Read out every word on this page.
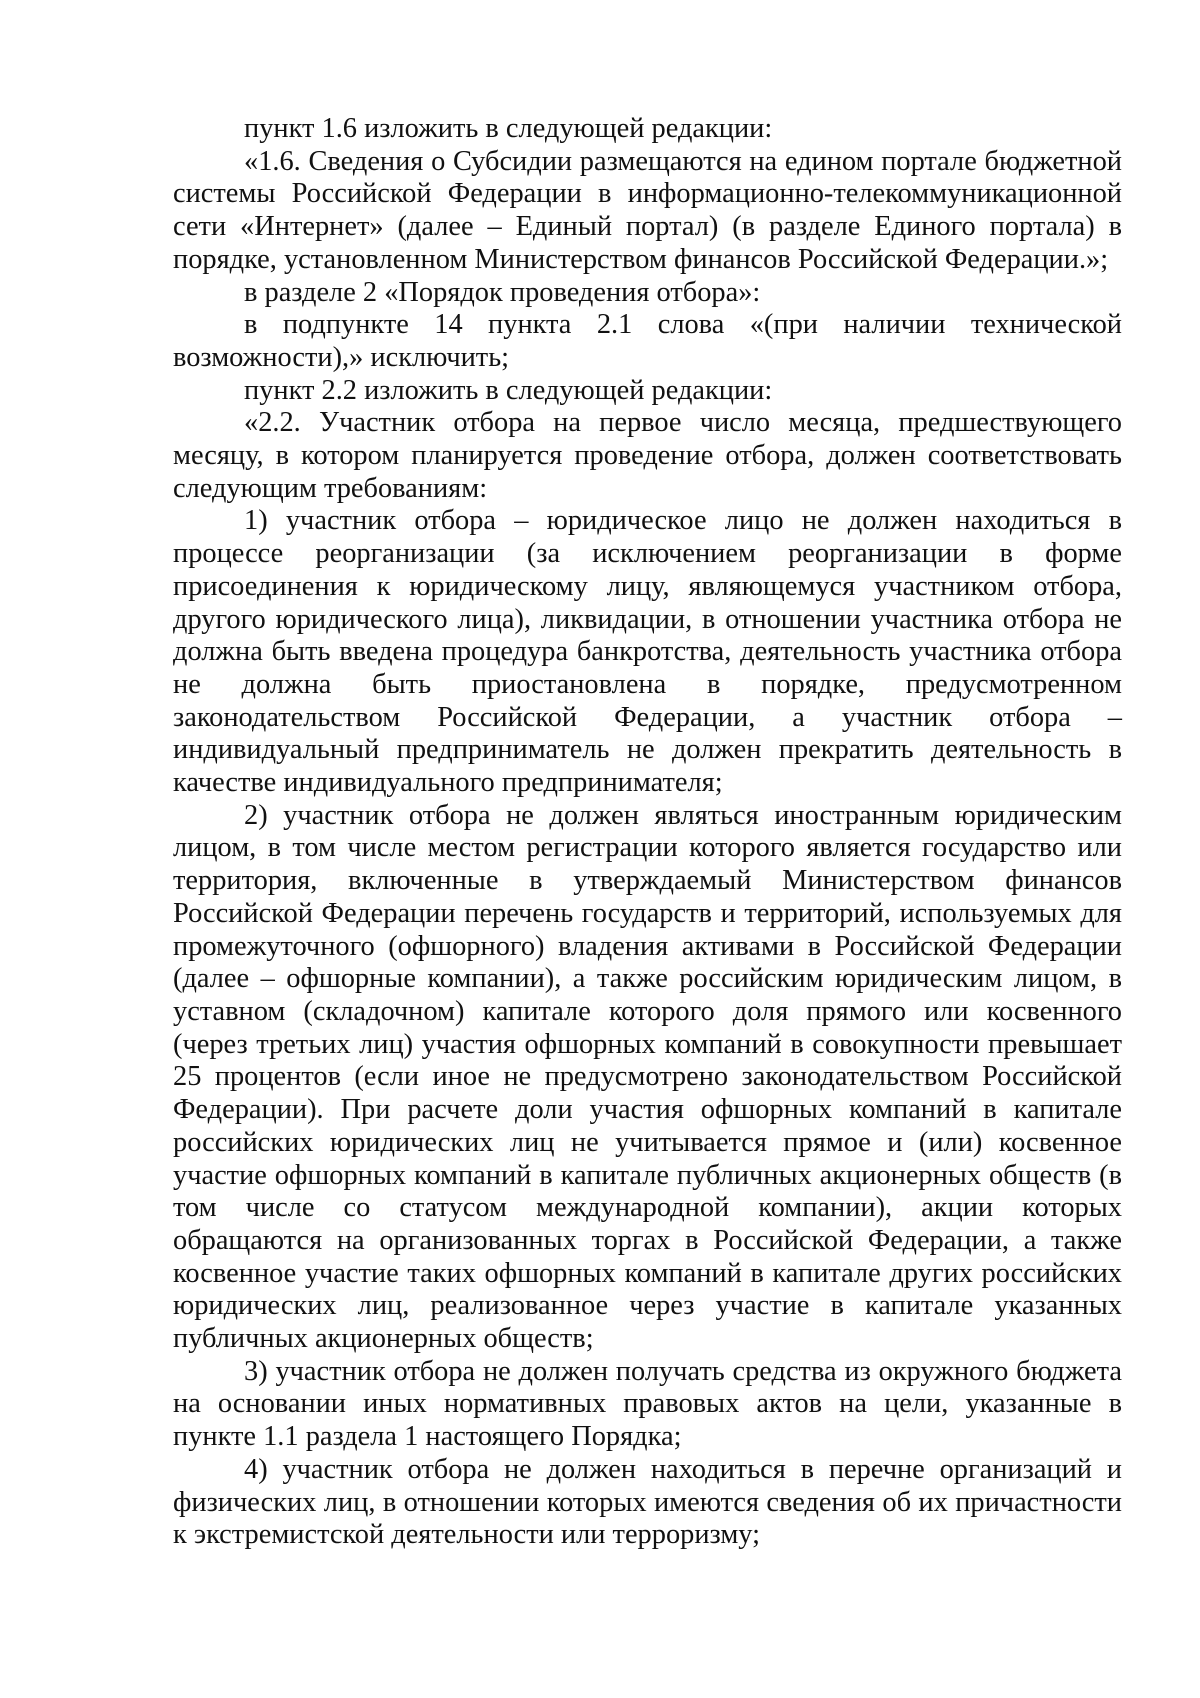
пункт 1.6 изложить в следующей редакции:

«1.6. Сведения о Субсидии размещаются на едином портале бюджетной системы Российской Федерации в информационно-телекоммуникационной сети «Интернет» (далее – Единый портал) (в разделе Единого портала) в порядке, установленном Министерством финансов Российской Федерации.»;

в разделе 2 «Порядок проведения отбора»:

в подпункте 14 пункта 2.1 слова «(при наличии технической возможности),» исключить;

пункт 2.2 изложить в следующей редакции:

«2.2. Участник отбора на первое число месяца, предшествующего месяцу, в котором планируется проведение отбора, должен соответствовать следующим требованиям:

1) участник отбора – юридическое лицо не должен находиться в процессе реорганизации (за исключением реорганизации в форме присоединения к юридическому лицу, являющемуся участником отбора, другого юридического лица), ликвидации, в отношении участника отбора не должна быть введена процедура банкротства, деятельность участника отбора не должна быть приостановлена в порядке, предусмотренном законодательством Российской Федерации, а участник отбора – индивидуальный предприниматель не должен прекратить деятельность в качестве индивидуального предпринимателя;

2) участник отбора не должен являться иностранным юридическим лицом, в том числе местом регистрации которого является государство или территория, включенные в утверждаемый Министерством финансов Российской Федерации перечень государств и территорий, используемых для промежуточного (офшорного) владения активами в Российской Федерации (далее – офшорные компании), а также российским юридическим лицом, в уставном (складочном) капитале которого доля прямого или косвенного (через третьих лиц) участия офшорных компаний в совокупности превышает 25 процентов (если иное не предусмотрено законодательством Российской Федерации). При расчете доли участия офшорных компаний в капитале российских юридических лиц не учитывается прямое и (или) косвенное участие офшорных компаний в капитале публичных акционерных обществ (в том числе со статусом международной компании), акции которых обращаются на организованных торгах в Российской Федерации, а также косвенное участие таких офшорных компаний в капитале других российских юридических лиц, реализованное через участие в капитале указанных публичных акционерных обществ;

3) участник отбора не должен получать средства из окружного бюджета на основании иных нормативных правовых актов на цели, указанные в пункте 1.1 раздела 1 настоящего Порядка;

4) участник отбора не должен находиться в перечне организаций и физических лиц, в отношении которых имеются сведения об их причастности к экстремистской деятельности или терроризму;
